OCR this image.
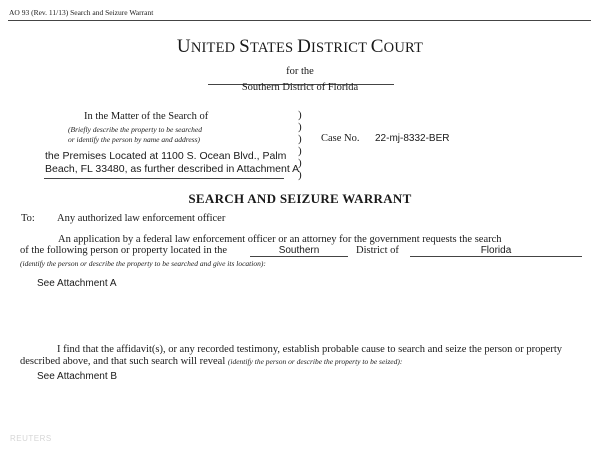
AO 93 (Rev. 11/13) Search and Seizure Warrant
UNITED STATES DISTRICT COURT
for the
Southern District of Florida
In the Matter of the Search of
(Briefly describe the property to be searched
or identify the person by name and address)
the Premises Located at 1100 S. Ocean Blvd., Palm
Beach, FL 33480, as further described in Attachment A
)
)
)
)
)
)
Case No. 22-mj-8332-BER
SEARCH AND SEIZURE WARRANT
To: Any authorized law enforcement officer
An application by a federal law enforcement officer or an attorney for the government requests the search
of the following person or property located in the	Southern	District of	Florida
(identify the person or describe the property to be searched and give its location):
See Attachment A
I find that the affidavit(s), or any recorded testimony, establish probable cause to search and seize the person or property
described above, and that such search will reveal (identify the person or describe the property to be seized):
See Attachment B
REUTERS
